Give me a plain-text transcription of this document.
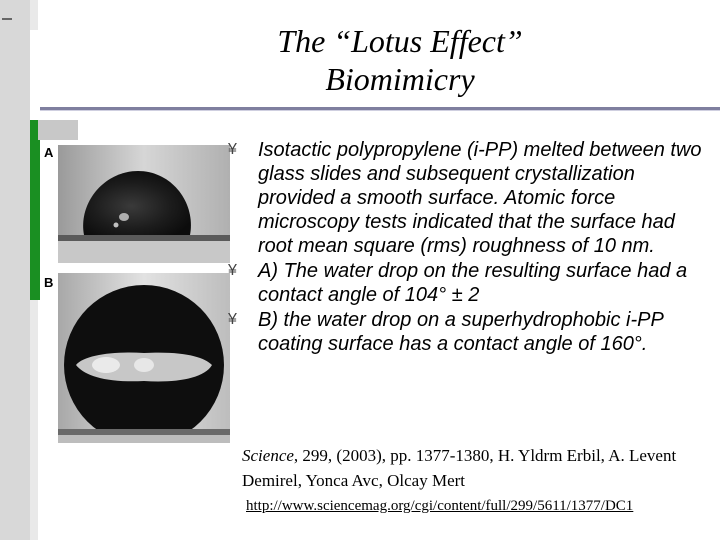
The “Lotus Effect”
Biomimicry
A
B
¥ Isotactic polypropylene (i-PP) melted between two glass slides and subsequent crystallization provided a smooth surface. Atomic force microscopy tests indicated that the surface had root mean square (rms) roughness of 10 nm.
¥ A) The water drop on the resulting surface had a contact angle of 104° ± 2
¥ B) the water drop on a superhydrophobic i-PP coating surface has a contact angle of 160°.
Science, 299, (2003), pp. 1377-1380, H. Yldrm Erbil, A. Levent Demirel, Yonca Avc, Olcay Mert
http://www.sciencemag.org/cgi/content/full/299/5611/1377/DC1
